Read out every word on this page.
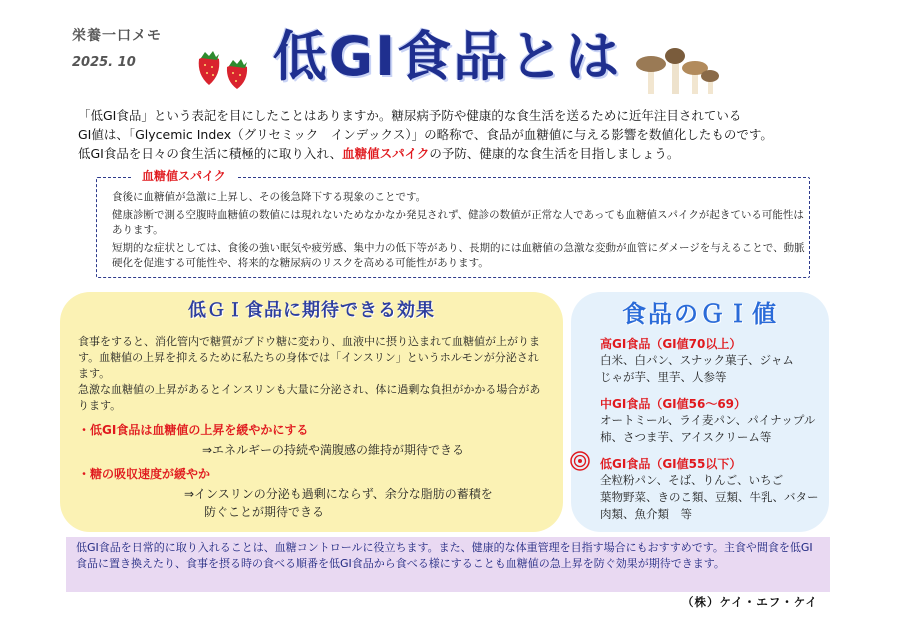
栄養一口メモ
2025. 10	低GI食品とは
「低GI食品」という表記を目にしたことはありますか。糖尿病予防や健康的な食生活を送るために近年注目されている
GI値は、「Glycemic Index（グリセミック　インデックス）」の略称で、食品が血糖値に与える影響を数値化したものです。
低GI食品を日々の食生活に積極的に取り入れ、血糖値スパイクの予防、健康的な食生活を目指しましょう。
血糖値スパイク

食後に血糖値が急激に上昇し、その後急降下する現象のことです。

健康診断で測る空腹時血糖値の数値には現れないためなかなか発見されず、健診の数値が正常な人であっても血糖値スパイクが起きている可能性はあります。

短期的な症状としては、食後の強い眠気や疲労感、集中力の低下等があり、長期的には血糖値の急激な変動が血管にダメージを与えることで、動脈硬化を促進する可能性や、将来的な糖尿病のリスクを高める可能性があります。

低ＧＩ食品に期待できる効果

食事をすると、消化管内で糖質がブドウ糖に変わり、血液中に摂り込まれて血糖値が上がります。血糖値の上昇を抑えるために私たちの身体では「インスリン」というホルモンが分泌されます。

急激な血糖値の上昇があるとインスリンも大量に分泌され、体に過剰な負担がかかる場合があります。

・低GI食品は血糖値の上昇を緩やかにする
⇒エネルギーの持続や満腹感の維持が期待できる
・糖の吸収速度が緩やか
⇒インスリンの分泌も過剰にならず、余分な脂肪の蓄積を
防ぐことが期待できる
食品のＧＩ値
高GI食品（GI値70以上）
白米、白パン、スナック菓子、ジャム
じゃが芋、里芋、人参等
中GI食品（GI値56～69）
オートミール、ライ麦パン、パイナップル
柿、さつま芋、アイスクリーム等
低GI食品（GI値55以下）
全粒粉パン、そば、りんご、いちご
葉物野菜、きのこ類、豆類、牛乳、バター
肉類、魚介類　等
低GI食品を日常的に取り入れることは、血糖コントロールに役立ちます。また、健康的な体重管理を目指す場合にもおすすめです。主食や間食を低GI食品に置き換えたり、食事を摂る時の食べる順番を低GI食品から食べる様にすることも血糖値の急上昇を防ぐ効果が期待できます。
（株）ケイ・エフ・ケイ
